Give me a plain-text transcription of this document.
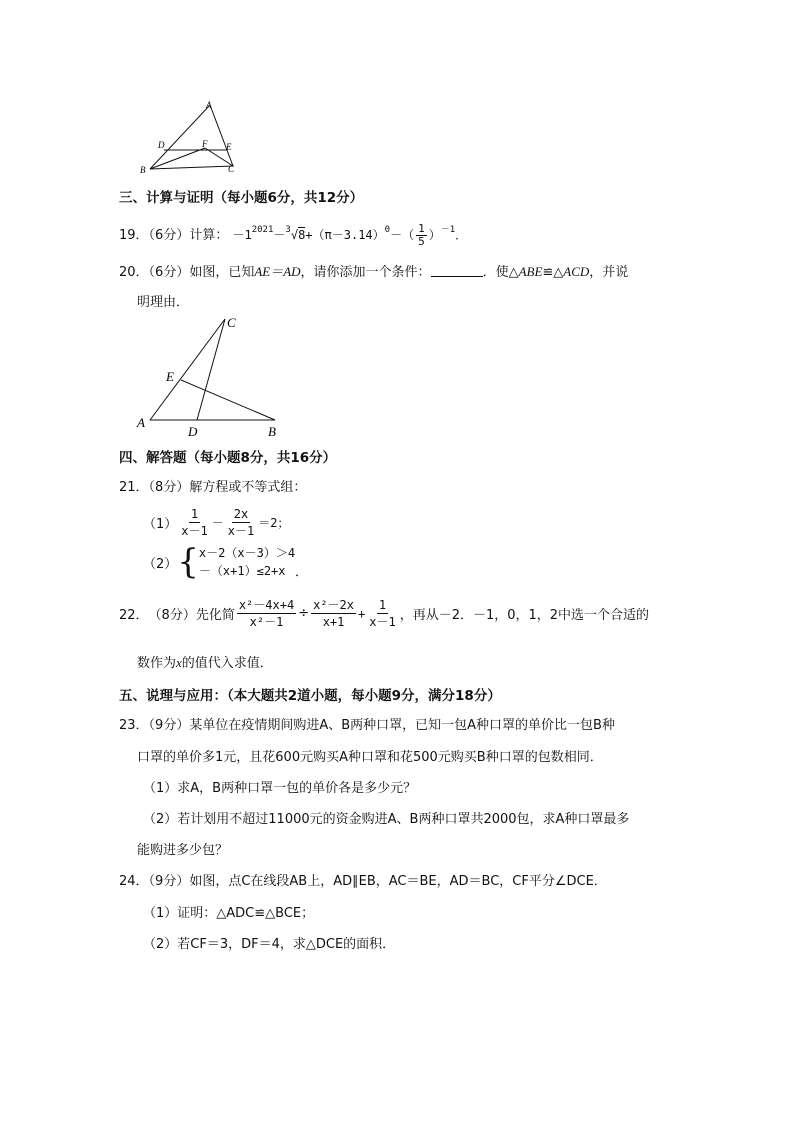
A
D	F E
B	C
三、计算与证明（每小题6分，共12分）
19．（6分）计算： $-1^{2021}-^3√8+(\pi-3.14)^0-( \frac{1}{5} )^{-1}$．
20．（6分）如图，已知AE＝AD，请你添加一个条件：	．使△ABE≌△ACD，并说
明理由．
C
E
A
D	B
四、解答题（每小题8分，共16分）
21．（8分）解方程或不等式组：
$(1) \frac{1}{x-1} - \frac{2x}{x-1} =2$；
（2） { x－2（x－3）＞4
－（x+1）≤2+x ．
22． （8分）先化简 $\frac{\text{x²－4x+4}}{\text{x²－1}} \div \frac{\text{x²－2x}}{x+1} + \frac{1}{x-1}$ ，再从－2．－1，0，1，2中选一个合适的
数作为x的值代入求值．
五、说理与应用：（本大题共2道小题，每小题9分，满分18分）
23．（9分）某单位在疫情期间购进A、B两种口罩，已知一包A种口罩的单价比一包B种
口罩的单价多1元，且花600元购买A种口罩和花500元购买B种口罩的包数相同．
（1）求A，B两种口罩一包的单价各是多少元？
（2）若计划用不超过11000元的资金购进A、B两种口罩共2000包，求A种口罩最多
能购进多少包？
24．（9分）如图，点C在线段AB上，AD∥EB，AC＝BE，AD＝BC，CF平分∠DCE．
（1）证明：△ADC≌△BCE；
（2）若CF＝3，DF＝4，求△DCE的面积．
